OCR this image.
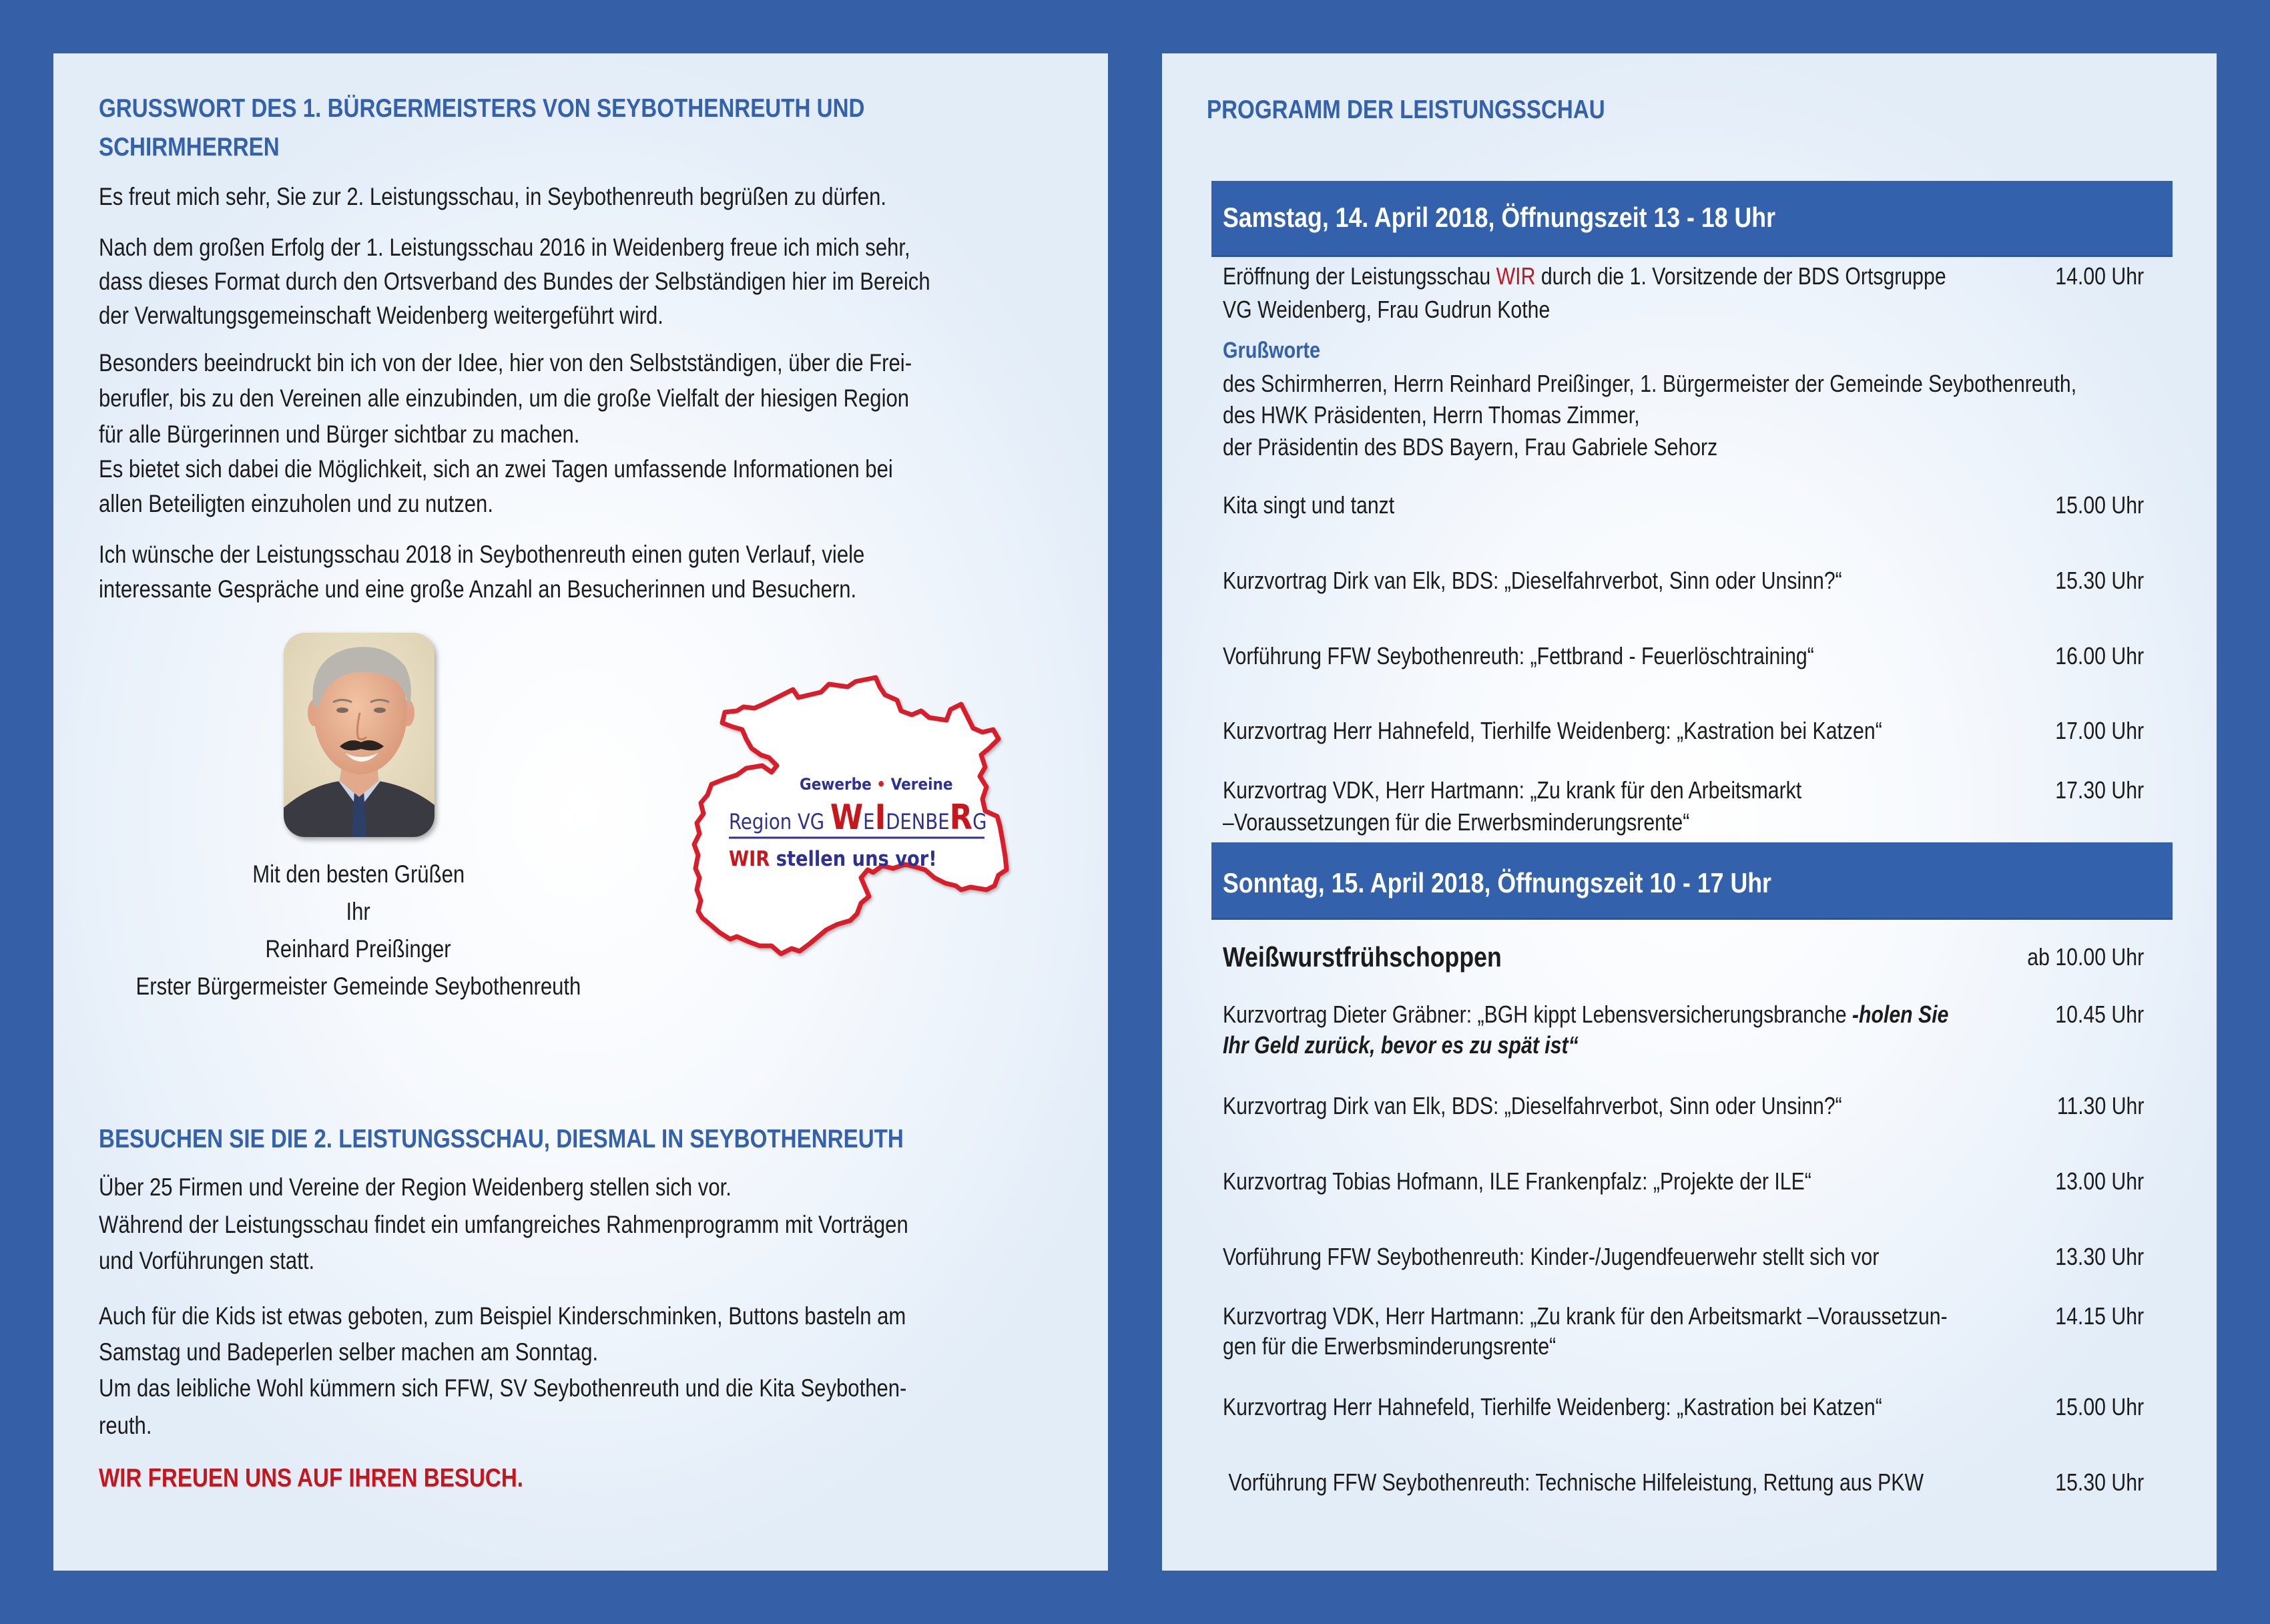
GRUSSWORT DES 1. BÜRGERMEISTERS VON SEYBOTHENREUTH UND
SCHIRMHERREN
Es freut mich sehr, Sie zur 2. Leistungsschau, in Seybothenreuth begrüßen zu dürfen.
Nach dem großen Erfolg der 1. Leistungsschau 2016 in Weidenberg freue ich mich sehr,
dass dieses Format durch den Ortsverband des Bundes der Selbständigen hier im Bereich
der Verwaltungsgemeinschaft Weidenberg weitergeführt wird.
Besonders beeindruckt bin ich von der Idee, hier von den Selbstständigen, über die Frei-
berufler, bis zu den Vereinen alle einzubinden, um die große Vielfalt der hiesigen Region
für alle Bürgerinnen und Bürger sichtbar zu machen.
Es bietet sich dabei die Möglichkeit, sich an zwei Tagen umfassende Informationen bei
allen Beteiligten einzuholen und zu nutzen.
Ich wünsche der Leistungsschau 2018 in Seybothenreuth einen guten Verlauf, viele
interessante Gespräche und eine große Anzahl an Besucherinnen und Besuchern.
Mit den besten Grüßen
Ihr
Reinhard Preißinger
Erster Bürgermeister Gemeinde Seybothenreuth
Gewerbe • Vereine
Region VG WEIDENBERG
WIR stellen uns vor!
BESUCHEN SIE DIE 2. LEISTUNGSSCHAU, DIESMAL IN SEYBOTHENREUTH
Über 25 Firmen und Vereine der Region Weidenberg stellen sich vor.
Während der Leistungsschau findet ein umfangreiches Rahmenprogramm mit Vorträgen
und Vorführungen statt.
Auch für die Kids ist etwas geboten, zum Beispiel Kinderschminken, Buttons basteln am
Samstag und Badeperlen selber machen am Sonntag.
Um das leibliche Wohl kümmern sich FFW, SV Seybothenreuth und die Kita Seybothen-
reuth.
WIR FREUEN UNS AUF IHREN BESUCH.
PROGRAMM DER LEISTUNGSSCHAU
Samstag, 14. April 2018, Öffnungszeit 13 - 18 Uhr
Eröffnung der Leistungsschau WIR durch die 1. Vorsitzende der BDS Ortsgruppe	14.00 Uhr
VG Weidenberg, Frau Gudrun Kothe
Grußworte
des Schirmherren, Herrn Reinhard Preißinger, 1. Bürgermeister der Gemeinde Seybothenreuth,
des HWK Präsidenten, Herrn Thomas Zimmer,
der Präsidentin des BDS Bayern, Frau Gabriele Sehorz
Kita singt und tanzt	15.00 Uhr
Kurzvortrag Dirk van Elk, BDS: „Dieselfahrverbot, Sinn oder Unsinn?“	15.30 Uhr
Vorführung FFW Seybothenreuth: „Fettbrand - Feuerlöschtraining“	16.00 Uhr
Kurzvortrag Herr Hahnefeld, Tierhilfe Weidenberg: „Kastration bei Katzen“	17.00 Uhr
Kurzvortrag VDK, Herr Hartmann: „Zu krank für den Arbeitsmarkt
–Voraussetzungen für die Erwerbsminderungsrente“
17.30 Uhr
Sonntag, 15. April 2018, Öffnungszeit 10 - 17 Uhr
Weißwurstfrühschoppen	ab 10.00 Uhr
Kurzvortrag Dieter Gräbner: „BGH kippt Lebensversicherungsbranche -holen Sie
Ihr Geld zurück, bevor es zu spät ist“
10.45 Uhr
Kurzvortrag Dirk van Elk, BDS: „Dieselfahrverbot, Sinn oder Unsinn?“	11.30 Uhr
Kurzvortrag Tobias Hofmann, ILE Frankenpfalz: „Projekte der ILE“	13.00 Uhr
Vorführung FFW Seybothenreuth: Kinder-/Jugendfeuerwehr stellt sich vor	13.30 Uhr
Kurzvortrag VDK, Herr Hartmann: „Zu krank für den Arbeitsmarkt –Voraussetzun-
gen für die Erwerbsminderungsrente“
14.15 Uhr
Kurzvortrag Herr Hahnefeld, Tierhilfe Weidenberg: „Kastration bei Katzen“	15.00 Uhr
Vorführung FFW Seybothenreuth: Technische Hilfeleistung, Rettung aus PKW	15.30 Uhr
